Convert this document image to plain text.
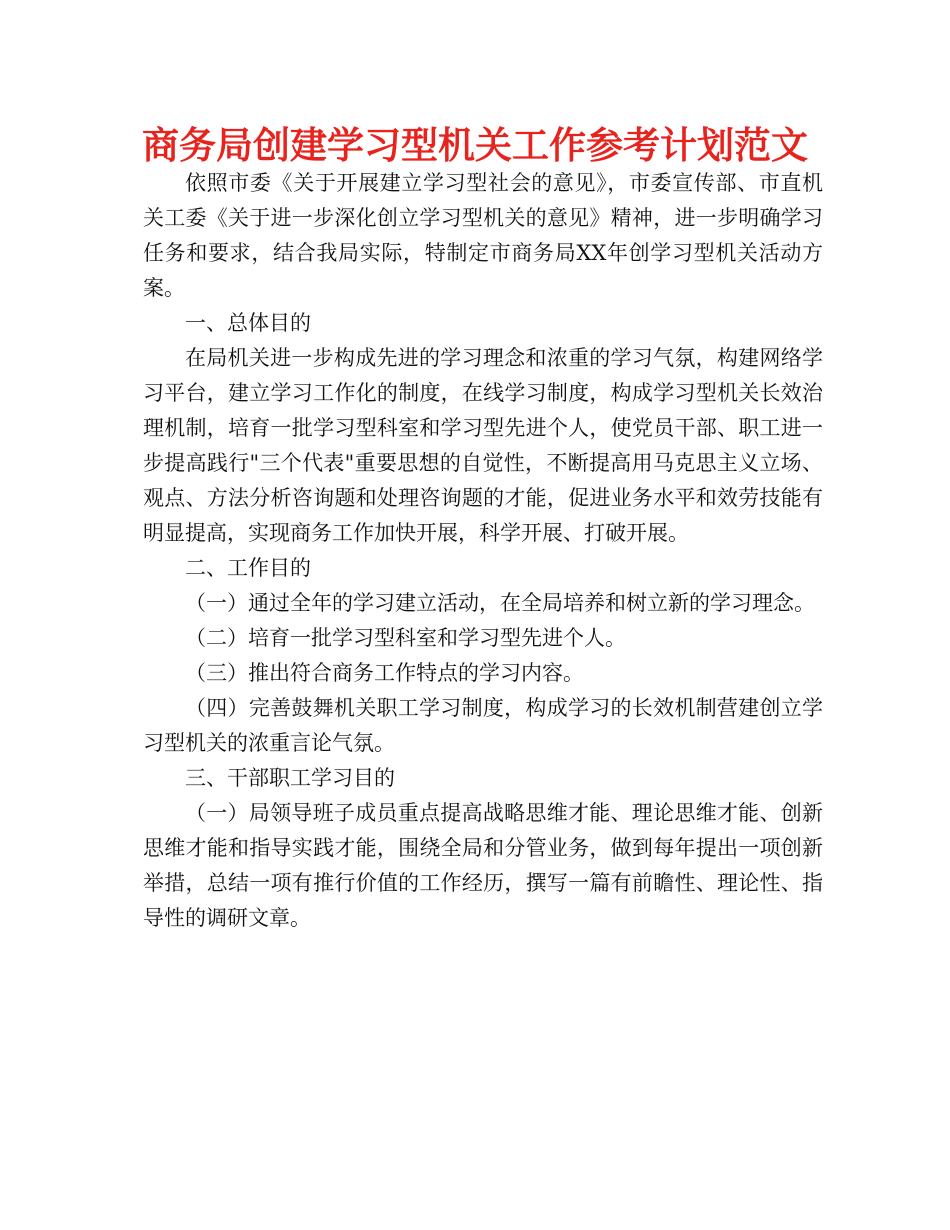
商务局创建学习型机关工作参考计划范文

依照市委《关于开展建立学习型社会的意见》，市委宣传部、市直机关工委《关于进一步深化创立学习型机关的意见》精神，进一步明确学习任务和要求，结合我局实际，特制定市商务局XX年创学习型机关活动方案。

一、总体目的

在局机关进一步构成先进的学习理念和浓重的学习气氛，构建网络学习平台，建立学习工作化的制度，在线学习制度，构成学习型机关长效治理机制，培育一批学习型科室和学习型先进个人，使党员干部、职工进一步提高践行"三个代表"重要思想的自觉性，不断提高用马克思主义立场、观点、方法分析咨询题和处理咨询题的才能，促进业务水平和效劳技能有明显提高，实现商务工作加快开展，科学开展、打破开展。

二、工作目的

（一）通过全年的学习建立活动，在全局培养和树立新的学习理念。

（二）培育一批学习型科室和学习型先进个人。

（三）推出符合商务工作特点的学习内容。

（四）完善鼓舞机关职工学习制度，构成学习的长效机制营建创立学习型机关的浓重言论气氛。

三、干部职工学习目的

（一）局领导班子成员重点提高战略思维才能、理论思维才能、创新思维才能和指导实践才能，围绕全局和分管业务，做到每年提出一项创新举措，总结一项有推行价值的工作经历，撰写一篇有前瞻性、理论性、指导性的调研文章。
